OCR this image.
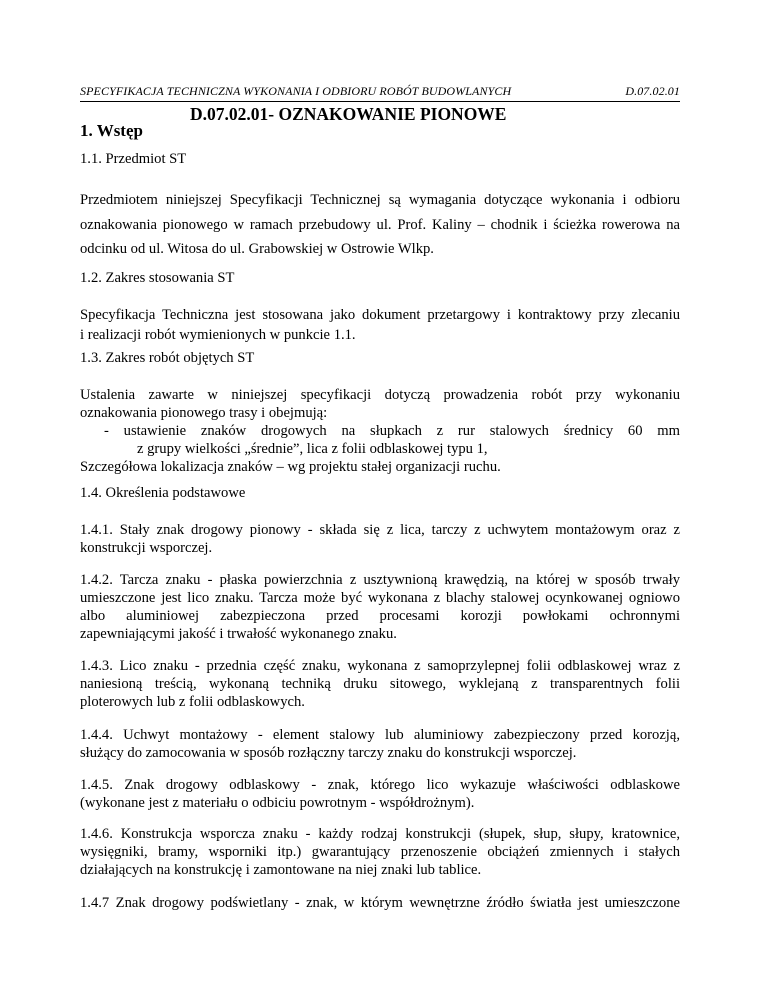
SPECYFIKACJA TECHNICZNA WYKONANIA I ODBIORU ROBÓT BUDOWLANYCH	D.07.02.01
D.07.02.01- OZNAKOWANIE PIONOWE
1. Wstęp
1.1. Przedmiot ST
Przedmiotem niniejszej Specyfikacji Technicznej są wymagania dotyczące wykonania i odbioru
oznakowania pionowego w ramach przebudowy ul. Prof. Kaliny – chodnik i ścieżka rowerowa na
odcinku od ul. Witosa do ul. Grabowskiej w Ostrowie Wlkp.
1.2. Zakres stosowania ST
Specyfikacja Techniczna jest stosowana jako dokument przetargowy i kontraktowy przy zlecaniu
i realizacji robót wymienionych w punkcie 1.1.
1.3. Zakres robót objętych ST
Ustalenia zawarte w niniejszej specyfikacji dotyczą prowadzenia robót przy wykonaniu
oznakowania pionowego trasy i obejmują:
- ustawienie znaków drogowych na słupkach z rur stalowych średnicy 60 mm
z grupy wielkości „średnie”, lica z folii odblaskowej typu 1,
Szczegółowa lokalizacja znaków – wg projektu stałej organizacji ruchu.
1.4. Określenia podstawowe
1.4.1. Stały znak drogowy pionowy - składa się z lica, tarczy z uchwytem montażowym oraz z
konstrukcji wsporczej.
1.4.2. Tarcza znaku - płaska powierzchnia z usztywnioną krawędzią, na której w sposób trwały
umieszczone jest lico znaku. Tarcza może być wykonana z blachy stalowej ocynkowanej ogniowo
albo aluminiowej zabezpieczona przed procesami korozji powłokami ochronnymi
zapewniającymi jakość i trwałość wykonanego znaku.
1.4.3. Lico znaku - przednia część znaku, wykonana z samoprzylepnej folii odblaskowej wraz z
naniesioną treścią, wykonaną techniką druku sitowego, wyklejaną z transparentnych folii
ploterowych lub z folii odblaskowych.
1.4.4. Uchwyt montażowy - element stalowy lub aluminiowy zabezpieczony przed korozją,
służący do zamocowania w sposób rozłączny tarczy znaku do konstrukcji wsporczej.
1.4.5. Znak drogowy odblaskowy - znak, którego lico wykazuje właściwości odblaskowe
(wykonane jest z materiału o odbiciu powrotnym - współdrożnym).
1.4.6. Konstrukcja wsporcza znaku - każdy rodzaj konstrukcji (słupek, słup, słupy, kratownice,
wysięgniki, bramy, wsporniki itp.) gwarantujący przenoszenie obciążeń zmiennych i stałych
działających na konstrukcję i zamontowane na niej znaki lub tablice.
1.4.7 Znak drogowy podświetlany - znak, w którym wewnętrzne źródło światła jest umieszczone
